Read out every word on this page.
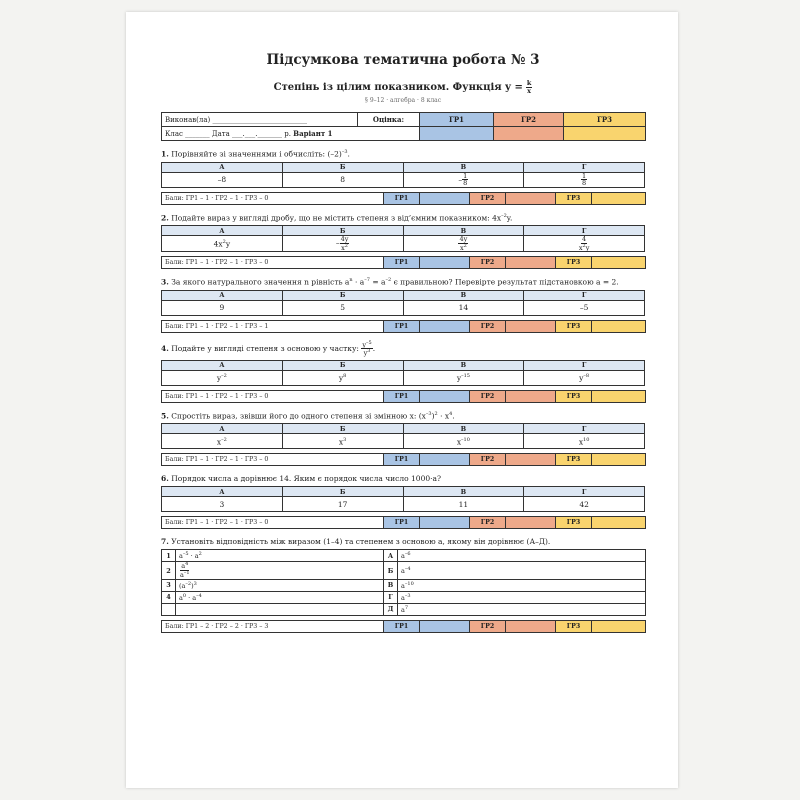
Підсумкова тематична робота № 3
Степінь із цілим показником. Функція $y = \frac{k}{x}$
§ 9–12 · алгебра · 8 клас
Виконав(ла) ___________________________	Оцінка:	ГР1	ГР2	ГР3
Клас _______ Дата ___.___._______ р. Варіант 1				
1. Порівняйте зі значеннями і обчисліть: $(-2)^{-3}$.
А	Б	В	Г
–8	8	– $\frac{1}{8}$	$\frac{1}{8}$
Бали: ГР1 – 1 · ГР2 – 1 · ГР3 – 0	ГР1		ГР2		ГР3	
2. Подайте вираз у вигляді дробу, що не містить степеня з від’ємним показником: $4x^{-2}y$.
А	Б	В	Г
$4x^2y$	– $\frac{4y}{x^2}$	$\frac{4y}{x^2}$	$\frac{4}{x^2y}$
Бали: ГР1 – 1 · ГР2 – 1 · ГР3 – 0	ГР1		ГР2		ГР3	
3. За якого натурального значення n рівність $a^n \cdot a^{-7} = a^{-2}$ є правильною? Перевірте результат підстановкою a = 2.
А	Б	В	Г
9	5	14	–5
Бали: ГР1 – 1 · ГР2 – 1 · ГР3 – 1	ГР1		ГР2		ГР3	
4. Подайте у вигляді степеня з основою y частку: $\frac{y^{-5}}{y^3}$ .
А	Б	В	Г
$y^{-2}$	$y^8$	$y^{-15}$	$y^{-8}$
Бали: ГР1 – 1 · ГР2 – 1 · ГР3 – 0	ГР1		ГР2		ГР3	
5. Спростіть вираз, звівши його до одного степеня зі змінною x: $(x^{-3})^2 \cdot x^4$.
А	Б	В	Г
$x^{-2}$	$x^3$	$x^{-10}$	$x^{10}$
Бали: ГР1 – 1 · ГР2 – 1 · ГР3 – 0	ГР1		ГР2		ГР3	
6. Порядок числа a дорівнює 14. Яким є порядок числа число 1000·a?
А	Б	В	Г
3	17	11	42
Бали: ГР1 – 1 · ГР2 – 1 · ГР3 – 0	ГР1		ГР2		ГР3	
7. Установіть відповідність між виразом (1–4) та степенем з основою a, якому він дорівнює (А–Д).
1	$a^{-5} \cdot a^2$	А	$a^{-6}$
2	$\frac{a^4}{a^{-1}}$	Б	$a^{-4}$
3	$(a^{-2})^3$	В	$a^{-10}$
4	$a^0 \cdot a^{-4}$	Г	$a^{-3}$
		Д	$a^7$
Бали: ГР1 – 2 · ГР2 – 2 · ГР3 – 3	ГР1		ГР2		ГР3	
